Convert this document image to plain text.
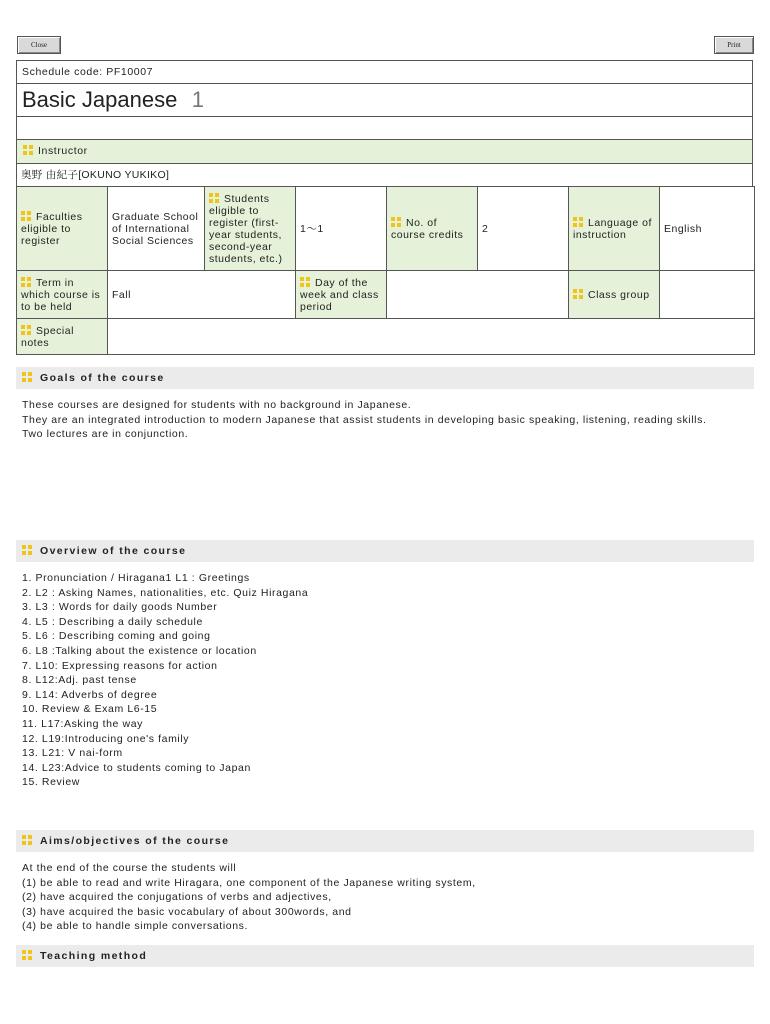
Close	Print
Schedule code: PF10007
Basic Japanese 1
Instructor
奥野 由紀子[OKUNO YUKIKO]
Faculties eligible to register	Graduate School of International Social Sciences	Students eligible to register (first-year students, second-year students, etc.)	1〜1	No. of course credits	2	Language of instruction	English

Term in which course is to be held	Fall		Day of the week and class period			Class group	

Special notes							
Goals of the course
These courses are designed for students with no background in Japanese.
They are an integrated introduction to modern Japanese that assist students in developing basic speaking, listening, reading skills.
Two lectures are in conjunction.
Overview of the course
1. Pronunciation / Hiragana1 L1 : Greetings
2. L2 : Asking Names, nationalities, etc. Quiz Hiragana
3. L3 : Words for daily goods Number
4. L5 : Describing a daily schedule
5. L6 : Describing coming and going
6. L8 :Talking about the existence or location
7. L10: Expressing reasons for action
8. L12:Adj. past tense
9. L14: Adverbs of degree
10. Review & Exam L6-15
11. L17:Asking the way
12. L19:Introducing one's family
13. L21: V nai-form
14. L23:Advice to students coming to Japan
15. Review
Aims/objectives of the course
At the end of the course the students will
(1) be able to read and write Hiragara, one component of the Japanese writing system,
(2) have acquired the conjugations of verbs and adjectives,
(3) have acquired the basic vocabulary of about 300words, and
(4) be able to handle simple conversations.
Teaching method
